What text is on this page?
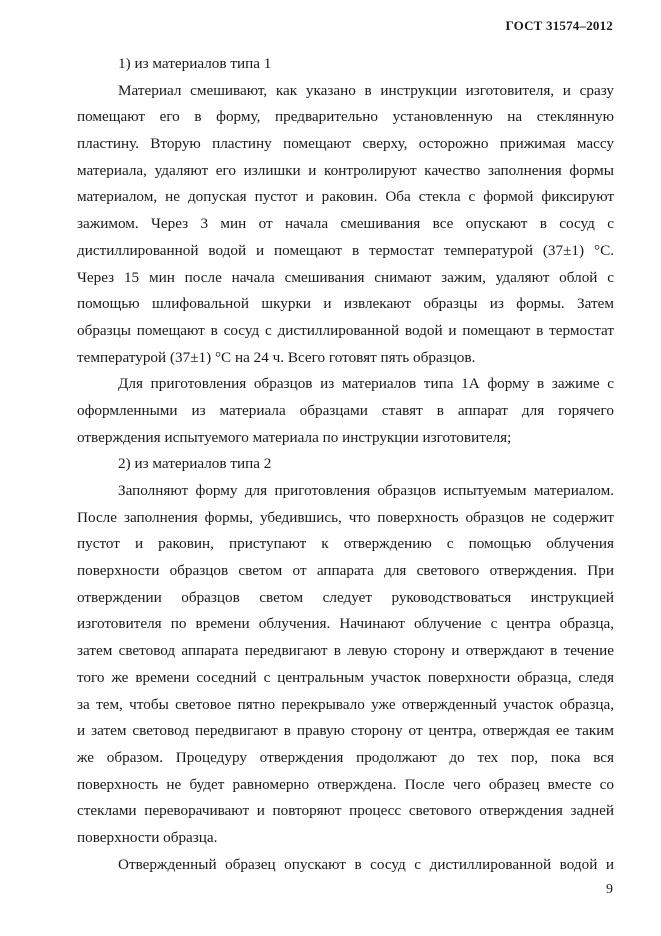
ГОСТ 31574–2012
1) из материалов типа 1
Материал смешивают, как указано в инструкции изготовителя, и сразу
помещают его в форму, предварительно установленную на стеклянную
пластину. Вторую пластину помещают сверху, осторожно прижимая массу
материала, удаляют его излишки и контролируют качество заполнения формы
материалом, не допуская пустот и раковин. Оба стекла с формой фиксируют
зажимом. Через 3 мин от начала смешивания все опускают в сосуд с
дистиллированной водой и помещают в термостат температурой (37±1) °С.
Через 15 мин после начала смешивания снимают зажим, удаляют облой с
помощью шлифовальной шкурки и извлекают образцы из формы. Затем
образцы помещают в сосуд с дистиллированной водой и помещают в термостат
температурой (37±1) °С на 24 ч. Всего готовят пять образцов.
Для приготовления образцов из материалов типа 1А форму в зажиме с
оформленными из материала образцами ставят в аппарат для горячего
отверждения испытуемого материала по инструкции изготовителя;
2) из материалов типа 2
Заполняют форму для приготовления образцов испытуемым материалом.
После заполнения формы, убедившись, что поверхность образцов не содержит
пустот и раковин, приступают к отверждению с помощью облучения
поверхности образцов светом от аппарата для светового отверждения. При
отверждении образцов светом следует руководствоваться инструкцией
изготовителя по времени облучения. Начинают облучение с центра образца,
затем световод аппарата передвигают в левую сторону и отверждают в течение
того же времени соседний с центральным участок поверхности образца, следя
за тем, чтобы световое пятно перекрывало уже отвержденный участок образца,
и затем световод передвигают в правую сторону от центра, отверждая ее таким
же образом. Процедуру отверждения продолжают до тех пор, пока вся
поверхность не будет равномерно отверждена. После чего образец вместе со
стеклами переворачивают и повторяют процесс светового отверждения задней
поверхности образца.
Отвержденный образец опускают в сосуд с дистиллированной водой и
9
